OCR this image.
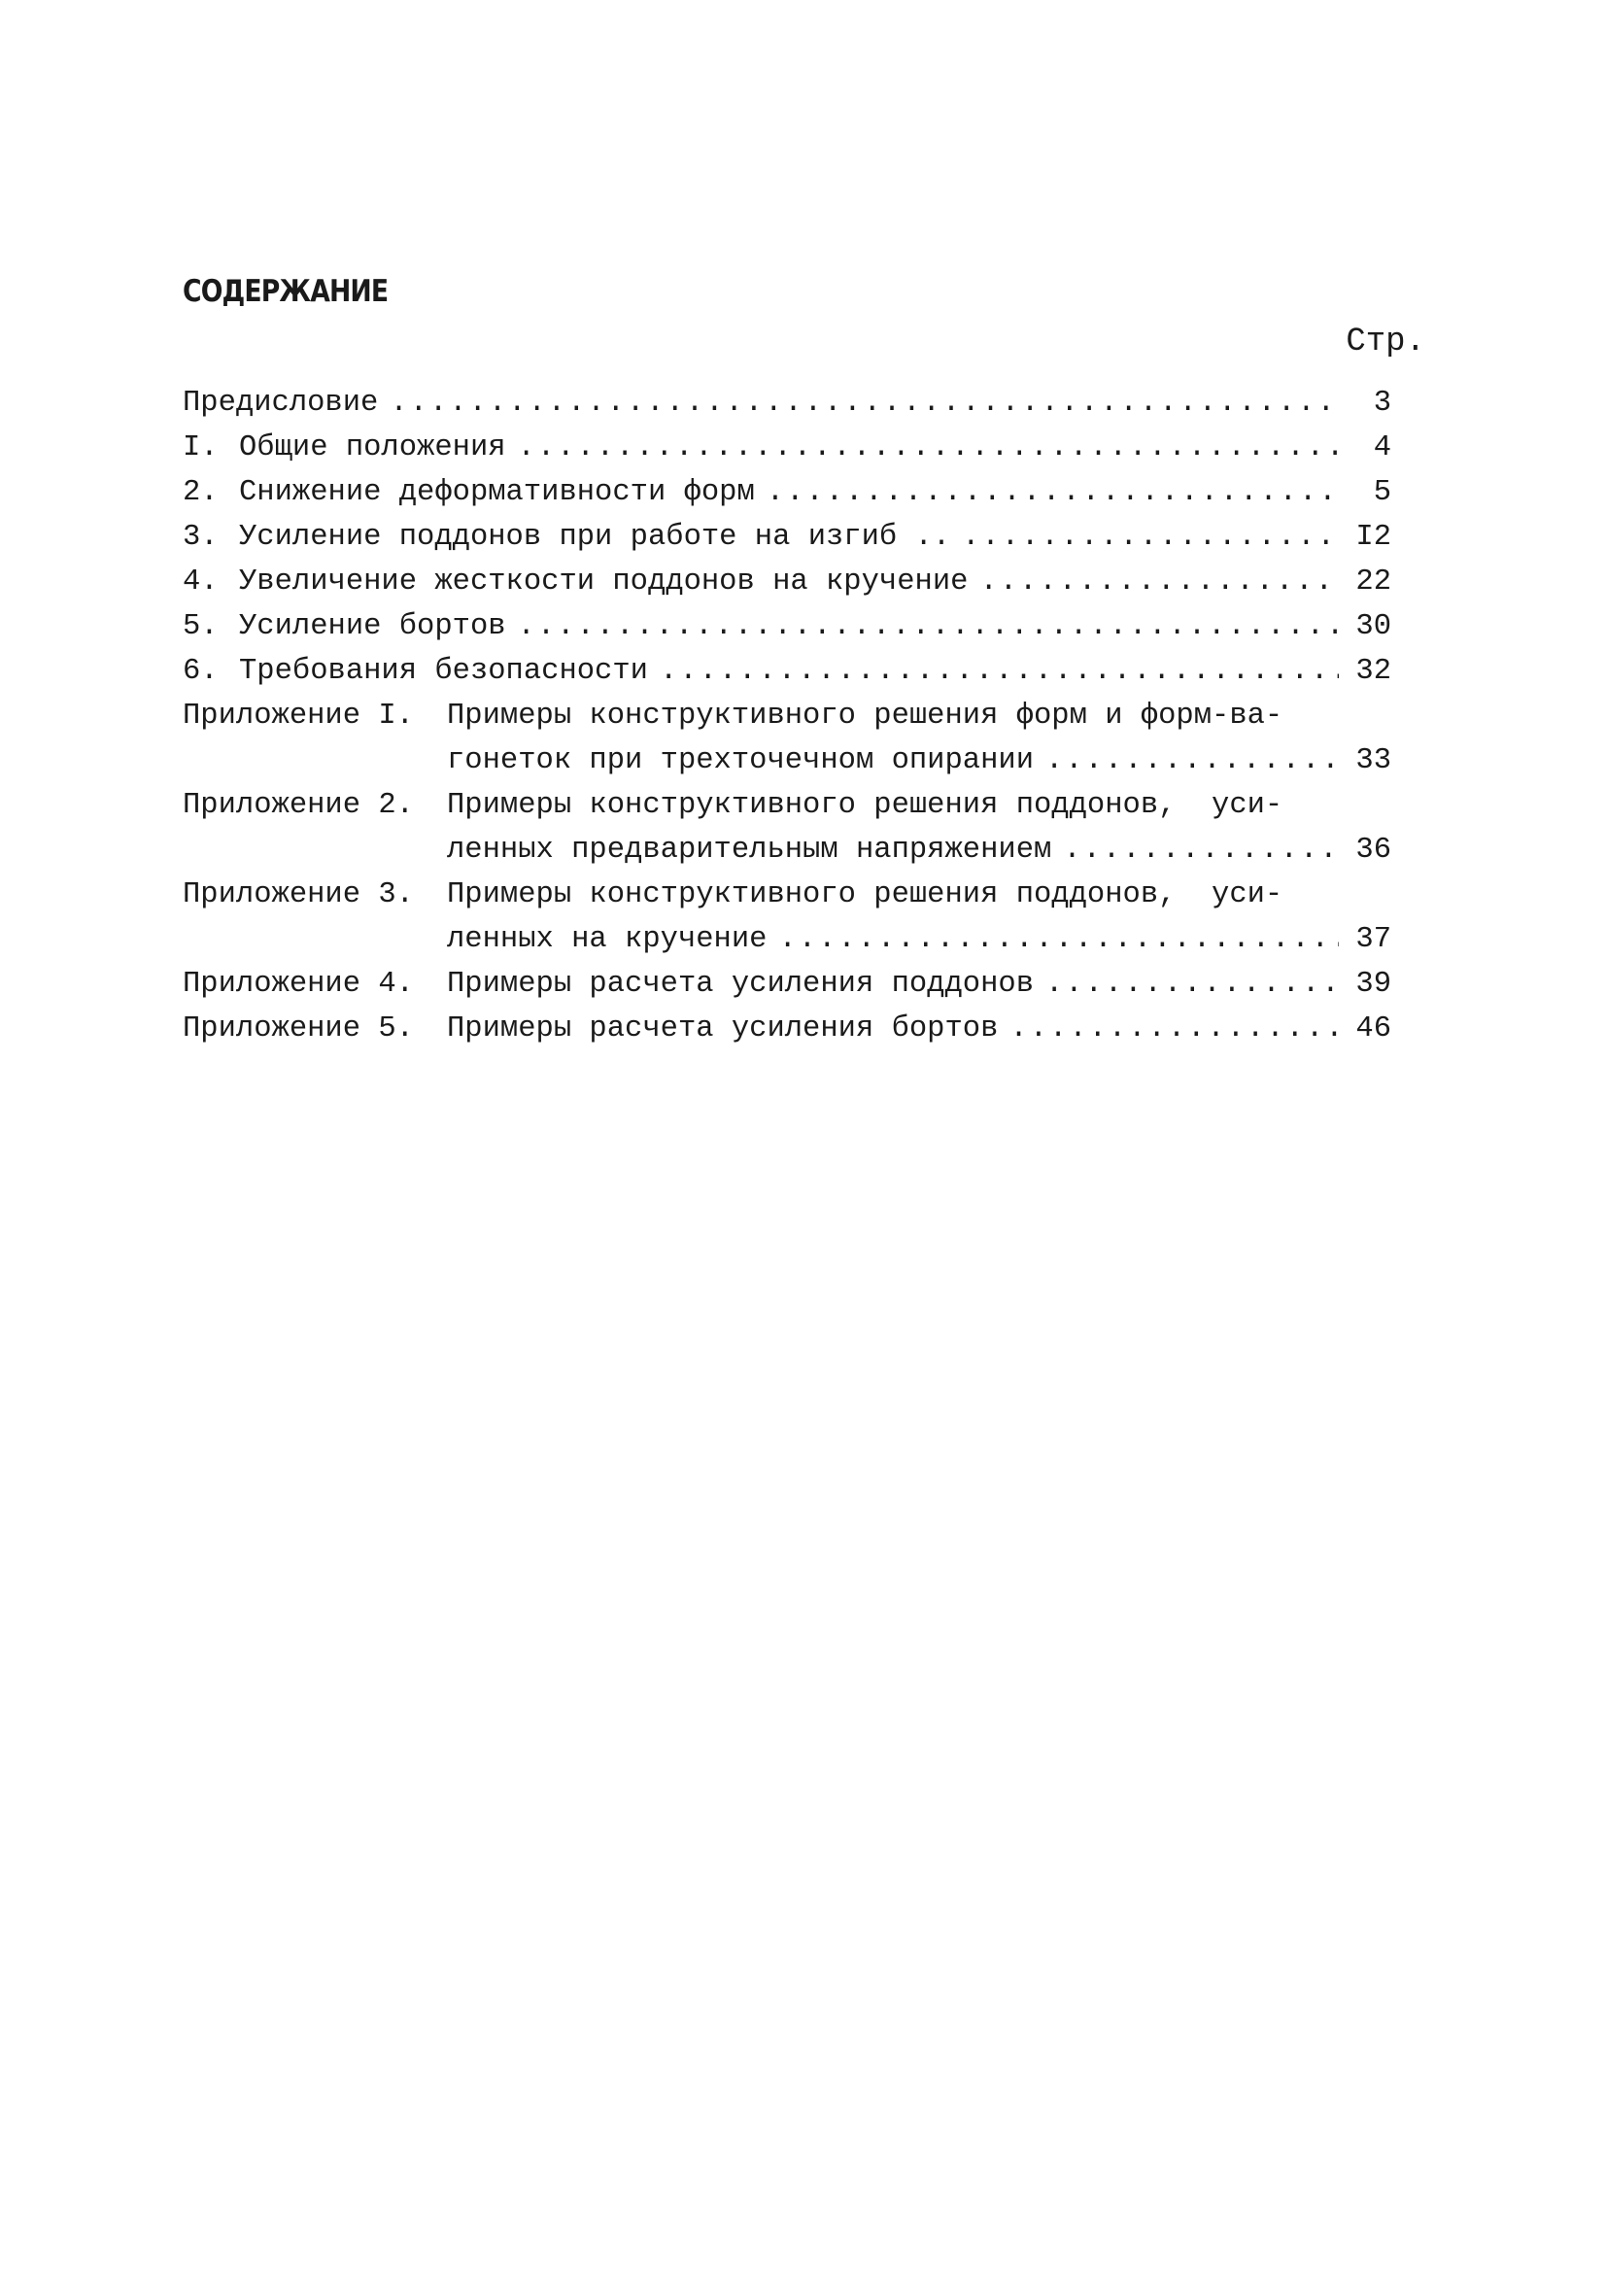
СОДЕРЖАНИЕ
Стр.
Предисловие .....	3
I. Общие положения .....	4
2. Снижение деформативности форм .....	5
3. Усиление поддонов при работе на изгиб .. .....	I2
4. Увеличение жесткости поддонов на кручение .....	22
5. Усиление бортов .....	30
6. Требования безопасности .....	32
Приложение I.	Примеры конструктивного решения форм и форм-ва-
гонеток при трехточечном опирании .....	33
Приложение 2.	Примеры конструктивного решения поддонов,  уси-
ленных предварительным напряжением .....	36
Приложение 3.	Примеры конструктивного решения поддонов,  уси-
ленных на кручение .....	37
Приложение 4.	Примеры расчета усиления поддонов .....	39
Приложение 5.	Примеры расчета усиления бортов .....	46
